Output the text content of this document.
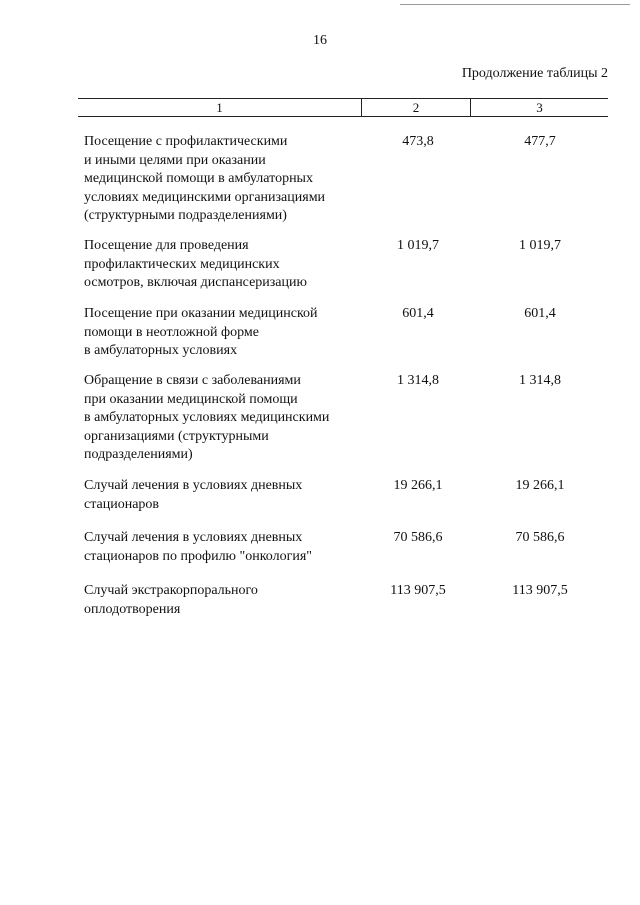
16
Продолжение таблицы 2
1	2	3
Посещение с профилактическими
и иными целями при оказании
медицинской помощи в амбулаторных
условиях медицинскими организациями
(структурными подразделениями)
473,8	477,7
Посещение для проведения
профилактических медицинских
осмотров, включая диспансеризацию
1 019,7	1 019,7
Посещение при оказании медицинской
помощи в неотложной форме
в амбулаторных условиях
601,4	601,4
Обращение в связи с заболеваниями
при оказании медицинской помощи
в амбулаторных условиях медицинскими
организациями (структурными
подразделениями)
1 314,8	1 314,8
Случай лечения в условиях дневных
стационаров
19 266,1	19 266,1
Случай лечения в условиях дневных
стационаров по профилю "онкология"
70 586,6	70 586,6
Случай экстракорпорального
оплодотворения
113 907,5	113 907,5
